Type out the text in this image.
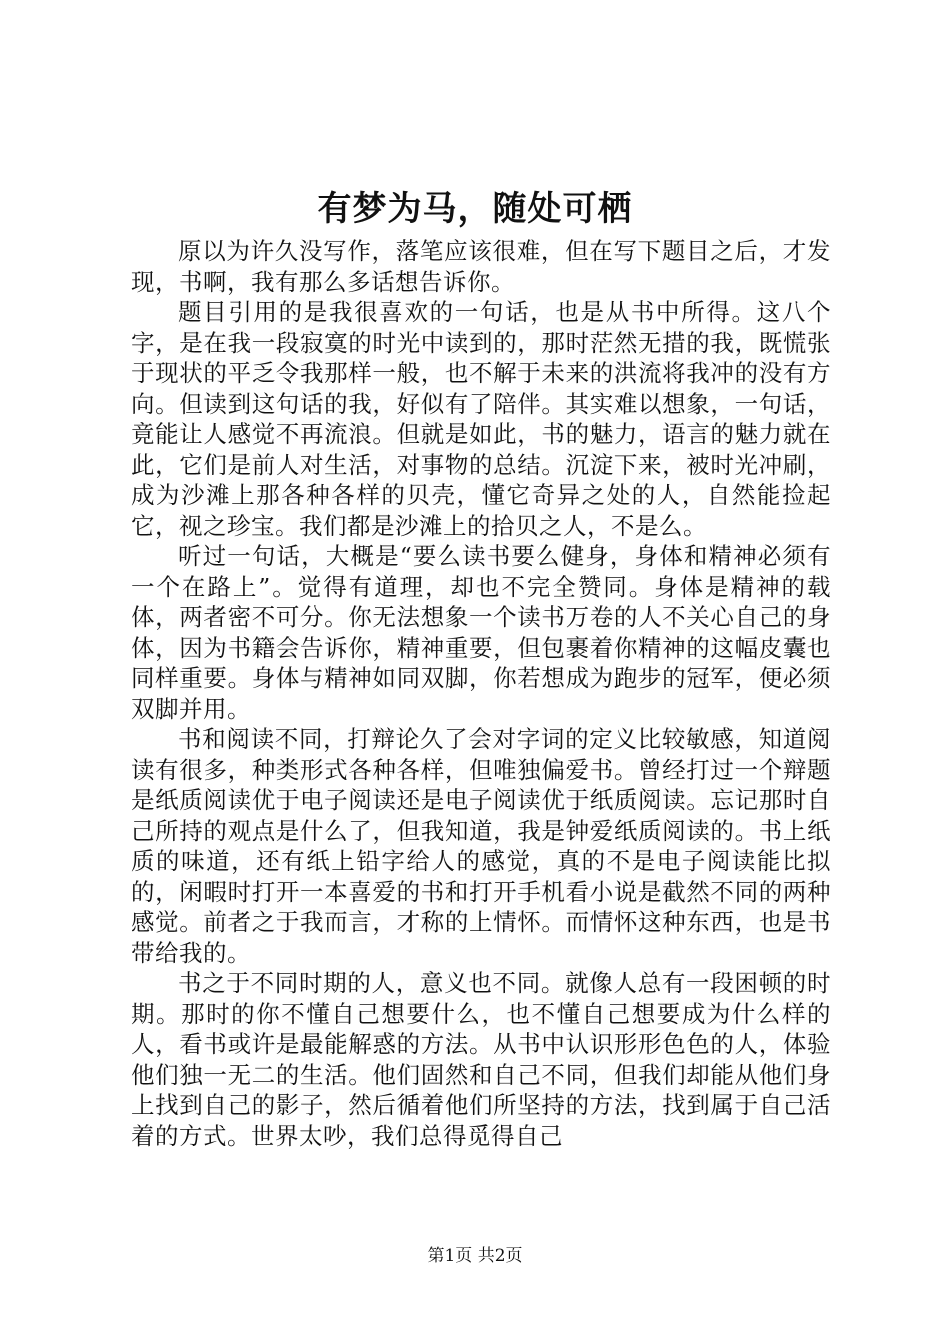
有梦为马，随处可栖

原以为许久没写作，落笔应该很难，但在写下题目之后，才发现，书啊，我有那么多话想告诉你。

题目引用的是我很喜欢的一句话，也是从书中所得。这八个字，是在我一段寂寞的时光中读到的，那时茫然无措的我，既慌张于现状的平乏令我那样一般，也不解于未来的洪流将我冲的没有方向。但读到这句话的我，好似有了陪伴。其实难以想象，一句话，竟能让人感觉不再流浪。但就是如此，书的魅力，语言的魅力就在此，它们是前人对生活，对事物的总结。沉淀下来，被时光冲刷，成为沙滩上那各种各样的贝壳，懂它奇异之处的人，自然能捡起它，视之珍宝。我们都是沙滩上的拾贝之人，不是么。

听过一句话，大概是“要么读书要么健身，身体和精神必须有一个在路上”。觉得有道理，却也不完全赞同。身体是精神的载体，两者密不可分。你无法想象一个读书万卷的人不关心自己的身体，因为书籍会告诉你，精神重要，但包裹着你精神的这幅皮囊也同样重要。身体与精神如同双脚，你若想成为跑步的冠军，便必须双脚并用。

书和阅读不同，打辩论久了会对字词的定义比较敏感，知道阅读有很多，种类形式各种各样，但唯独偏爱书。曾经打过一个辩题是纸质阅读优于电子阅读还是电子阅读优于纸质阅读。忘记那时自己所持的观点是什么了，但我知道，我是钟爱纸质阅读的。书上纸质的味道，还有纸上铅字给人的感觉，真的不是电子阅读能比拟的，闲暇时打开一本喜爱的书和打开手机看小说是截然不同的两种感觉。前者之于我而言，才称的上情怀。而情怀这种东西，也是书带给我的。

书之于不同时期的人，意义也不同。就像人总有一段困顿的时期。那时的你不懂自己想要什么，也不懂自己想要成为什么样的人，看书或许是最能解惑的方法。从书中认识形形色色的人，体验他们独一无二的生活。他们固然和自己不同，但我们却能从他们身上找到自己的影子，然后循着他们所坚持的方法，找到属于自己活着的方式。世界太吵，我们总得觅得自己

第1页 共2页
